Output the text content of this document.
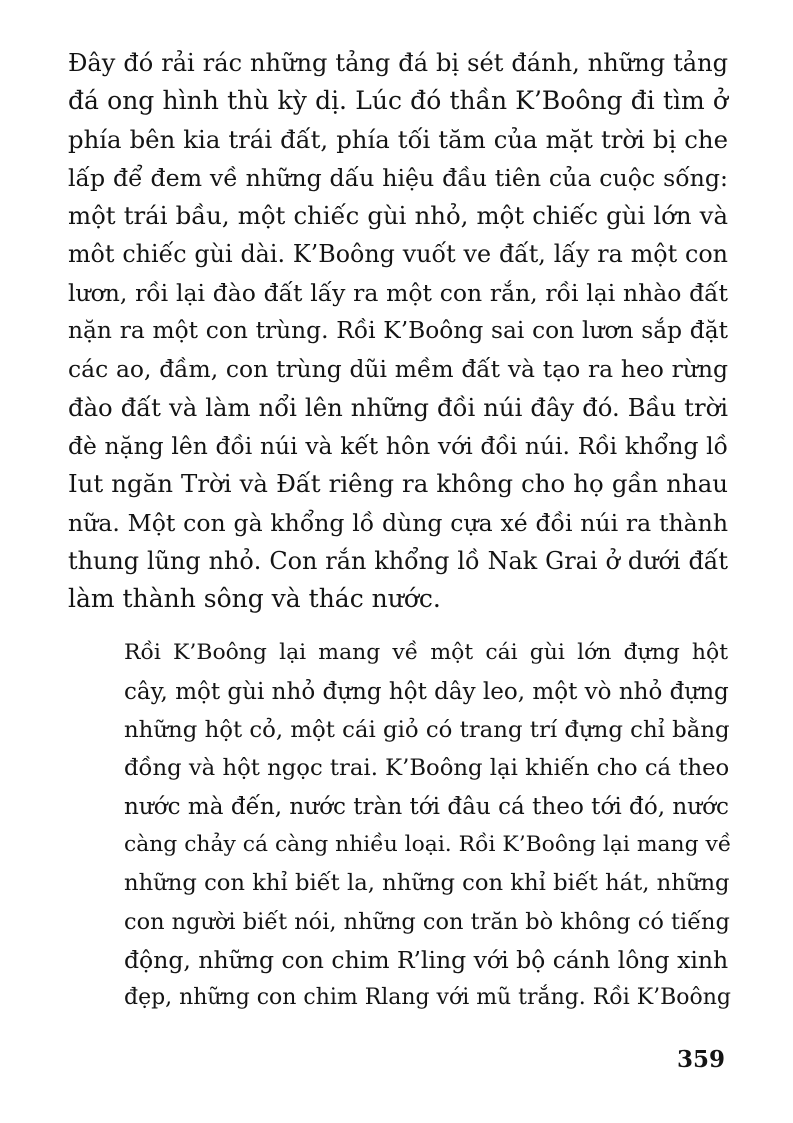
Đây đó rải rác những tảng đá bị sét đánh, những tảng
đá ong hình thù kỳ dị. Lúc đó thần K’Boông đi tìm ở
phía bên kia trái đất, phía tối tăm của mặt trời bị che
lấp để đem về những dấu hiệu đầu tiên của cuộc sống:
một trái bầu, một chiếc gùi nhỏ, một chiếc gùi lớn và
môt chiếc gùi dài. K’Boông vuốt ve đất, lấy ra một con
lươn, rồi lại đào đất lấy ra một con rắn, rồi lại nhào đất
nặn ra một con trùng. Rồi K’Boông sai con lươn sắp đặt
các ao, đầm, con trùng dũi mềm đất và tạo ra heo rừng
đào đất và làm nổi lên những đồi núi đây đó. Bầu trời
đè nặng lên đồi núi và kết hôn với đồi núi. Rồi khổng lồ
Iut ngăn Trời và Đất riêng ra không cho họ gần nhau
nữa. Một con gà khổng lồ dùng cựa xé đồi núi ra thành
thung lũng nhỏ. Con rắn khổng lồ Nak Grai ở dưới đất
làm thành sông và thác nước.

Rồi K’Boông lại mang về một cái gùi lớn đựng hột
cây, một gùi nhỏ đựng hột dây leo, một vò nhỏ đựng
những hột cỏ, một cái giỏ có trang trí đựng chỉ bằng
đồng và hột ngọc trai. K’Boông lại khiến cho cá theo
nước mà đến, nước tràn tới đâu cá theo tới đó, nước
càng chảy cá càng nhiều loại. Rồi K’Boông lại mang về
những con khỉ biết la, những con khỉ biết hát, những
con người biết nói, những con trăn bò không có tiếng
động, những con chim R’ling với bộ cánh lông xinh
đẹp, những con chim Rlang với mũ trắng. Rồi K’Boông

359
